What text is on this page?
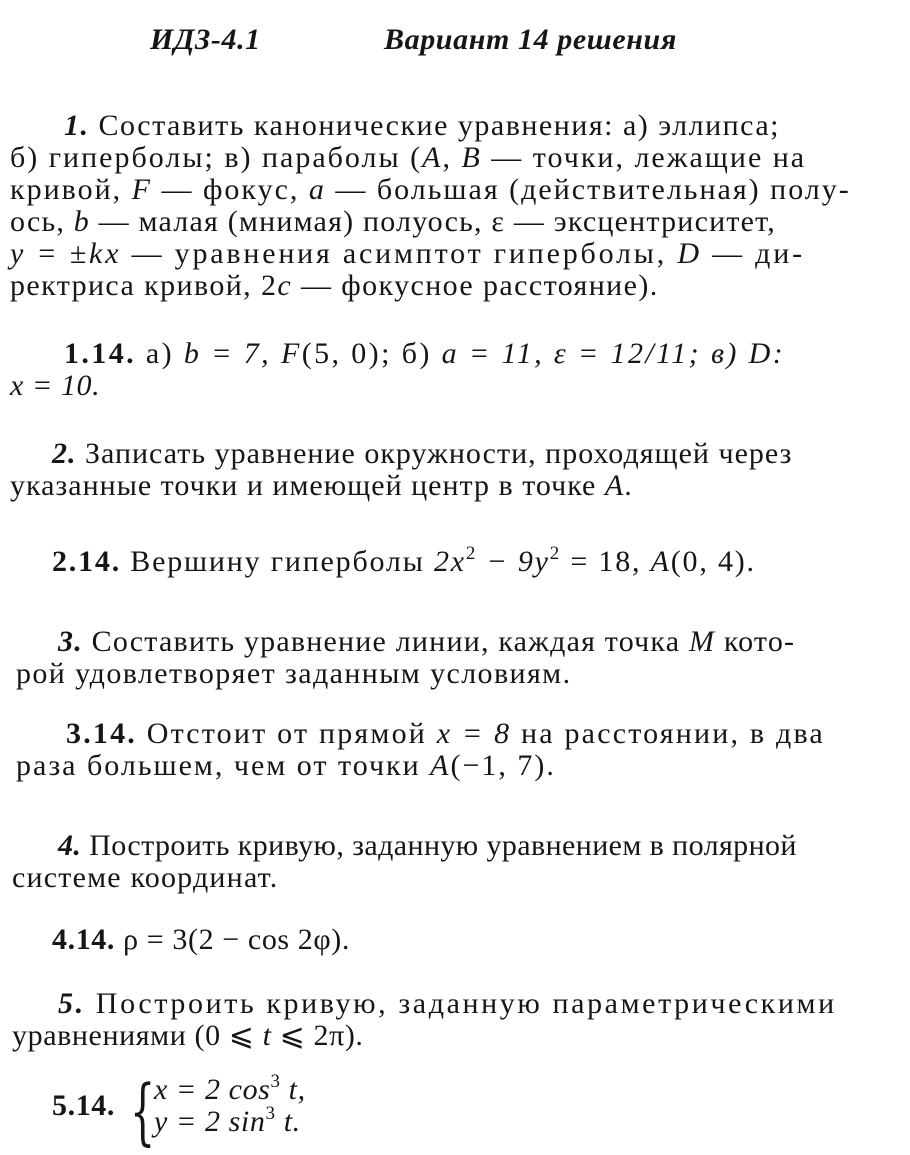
ИДЗ-4.1	Вариант 14 решения
1. Составить канонические уравнения: а) эллипса;
б) гиперболы; в) параболы (A, B — точки, лежащие на
кривой, F — фокус, a — большая (действительная) полу-
ось, b — малая (мнимая) полуось, ε — эксцентриситет,
y = ±kx — уравнения асимптот гиперболы, D — ди-
ректриса кривой, 2c — фокусное расстояние).
1.14. а) b = 7, F(5, 0); б) a = 11, ε = 12/11; в) D:
x = 10.
2. Записать уравнение окружности, проходящей через
указанные точки и имеющей центр в точке A.
2.14. Вершину гиперболы $2x^2 - 9y^2 = 18$, A(0, 4).
3. Составить уравнение линии, каждая точка M кото-
рой удовлетворяет заданным условиям.
3.14. Отстоит от прямой x = 8 на расстоянии, в два
раза большем, чем от точки A(−1, 7).
4. Построить кривую, заданную уравнением в полярной
системе координат.
4.14. ρ = 3(2 − cos 2φ).
5. Построить кривую, заданную параметрическими
уравнениями (0 ⩽ t ⩽ 2π).
5.14. {
x = 2 $\cos^3 t$,
y = 2 $\sin^3 t$.
